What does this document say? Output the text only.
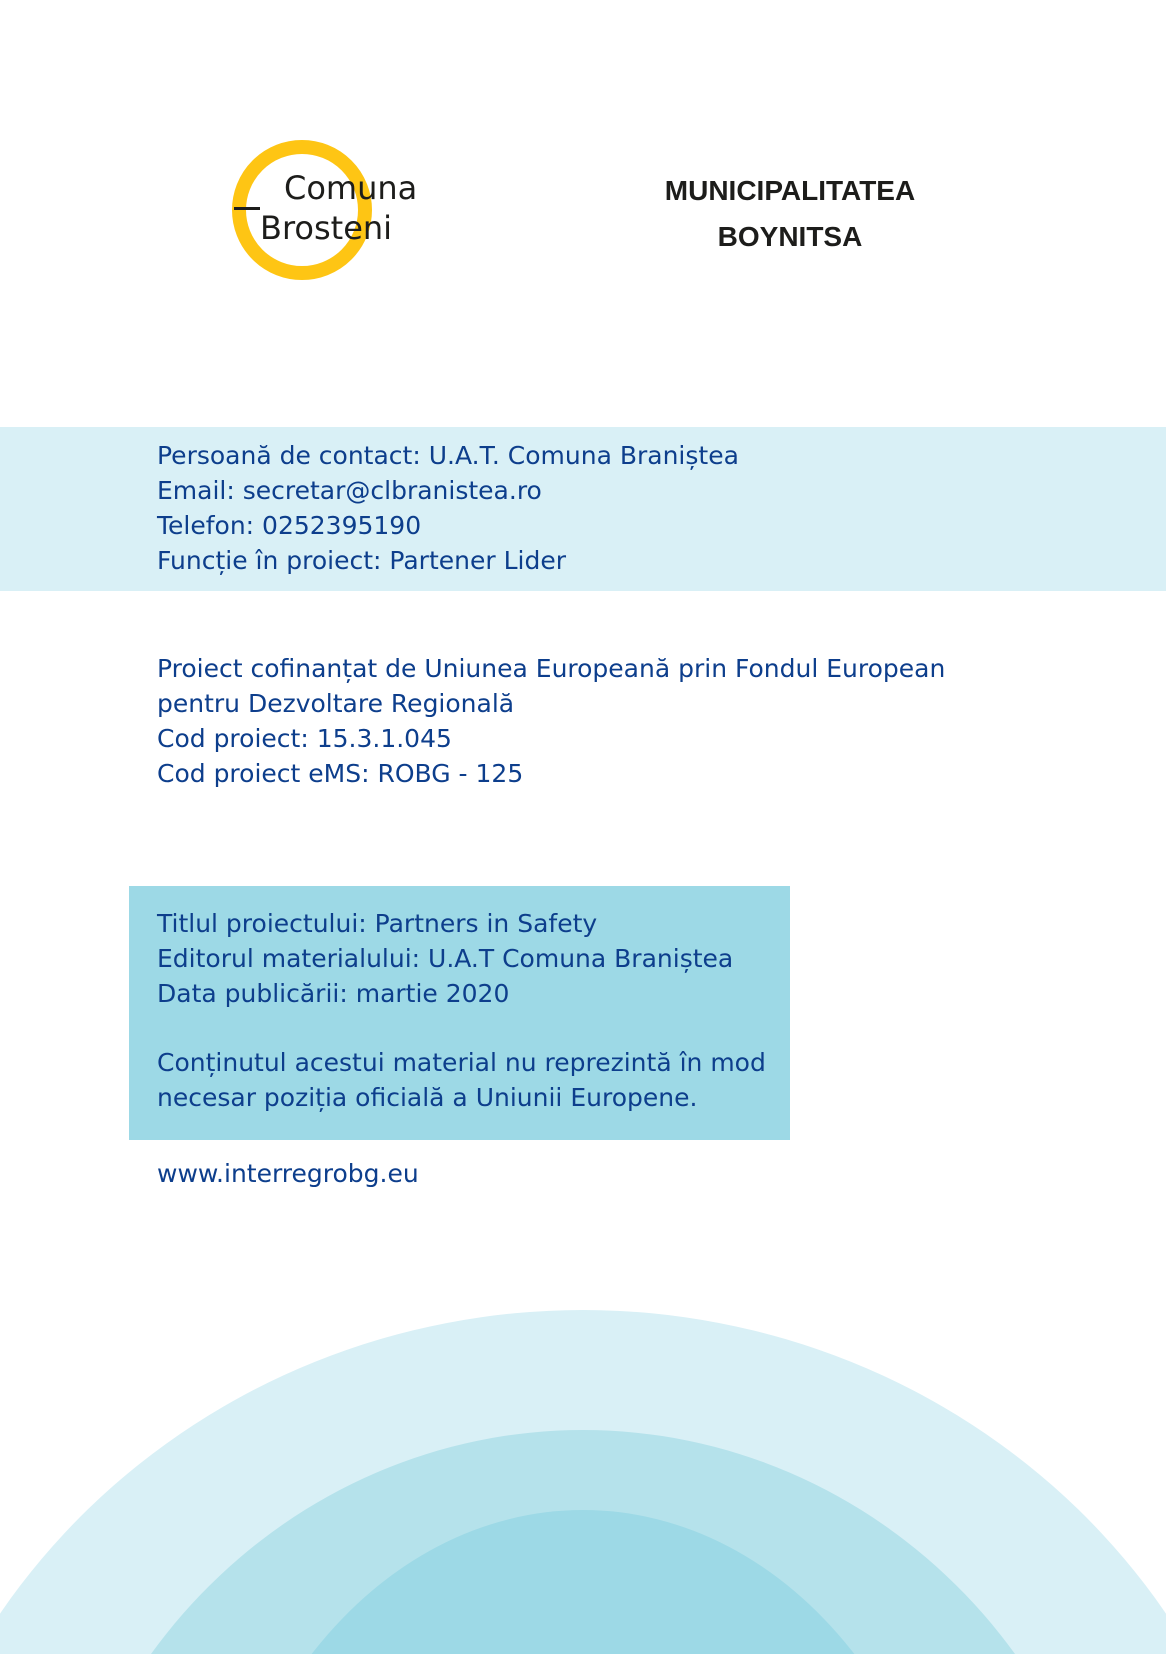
Comuna
Brosteni
MUNICIPALITATEA
BOYNITSA
Persoană de contact: U.A.T. Comuna Braniștea
Email: secretar@clbranistea.ro
Telefon: 0252395190
Funcție în proiect: Partener Lider
Proiect cofinanțat de Uniunea Europeană prin Fondul European
pentru Dezvoltare Regională
Cod proiect: 15.3.1.045
Cod proiect eMS: ROBG - 125
Titlul proiectului: Partners in Safety
Editorul materialului: U.A.T Comuna Braniștea
Data publicării: martie 2020
Conținutul acestui material nu reprezintă în mod
necesar poziția oficială a Uniunii Europene.
www.interregrobg.eu
